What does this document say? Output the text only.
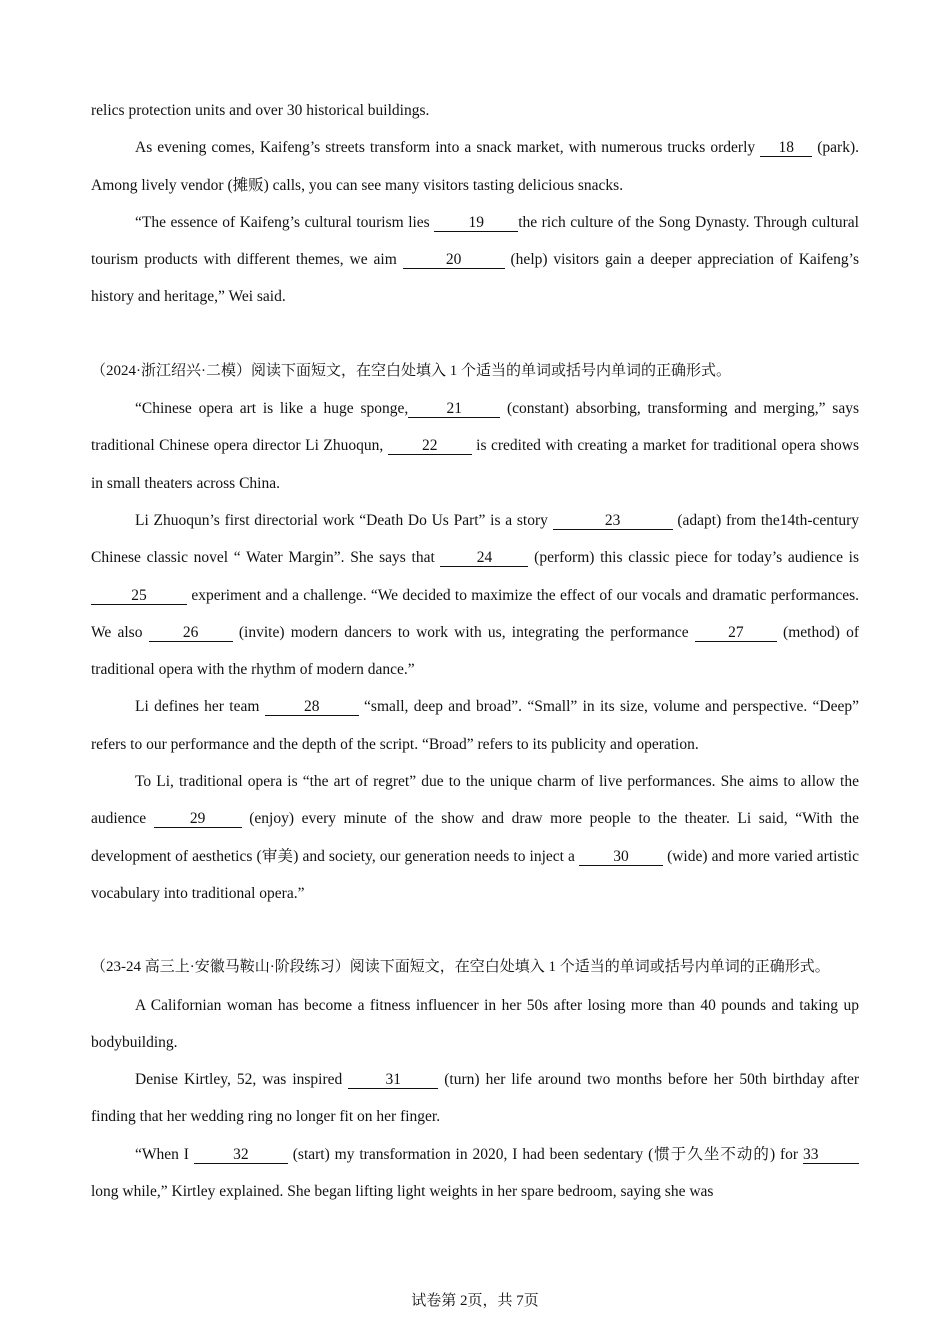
relics protection units and over 30 historical buildings.

As evening comes, Kaifeng’s streets transform into a snack market, with numerous trucks orderly 18 (park). Among lively vendor (摊贩) calls, you can see many visitors tasting delicious snacks.

“The essence of Kaifeng’s cultural tourism lies 19 the rich culture of the Song Dynasty. Through cultural tourism products with different themes, we aim	20	(help) visitors gain a deeper appreciation of Kaifeng’s history and heritage,” Wei said.

（2024·浙江绍兴·二模）阅读下面短文，在空白处填入 1 个适当的单词或括号内单词的正确形式。

“Chinese opera art is like a huge sponge, 21 (constant) absorbing, transforming and merging,” says traditional Chinese opera director Li Zhuoqun, 22 is credited with creating a market for traditional opera shows in small theaters across China.

Li Zhuoqun’s first directorial work “Death Do Us Part” is a story	23	(adapt) from the14th-century Chinese classic novel “ Water Margin”. She says that 24 (perform) this classic piece for today’s audience is 25	experiment and a challenge. “We decided to maximize the effect of our vocals and dramatic performances. We also 26 (invite) modern dancers to work with us, integrating the performance 27 (method) of traditional opera with the rhythm of modern dance.”

Li defines her team	28	“small, deep and broad”. “Small” in its size, volume and perspective. “Deep” refers to our performance and the depth of the script. “Broad” refers to its publicity and operation.

To Li, traditional opera is “the art of regret” due to the unique charm of live performances. She aims to allow the audience 29 (enjoy) every minute of the show and draw more people to the theater. Li said, “With the development of aesthetics (审美) and society, our generation needs to inject a 30 (wide) and more varied artistic vocabulary into traditional opera.”

（23-24 高三上·安徽马鞍山·阶段练习）阅读下面短文，在空白处填入 1 个适当的单词或括号内单词的正确形式。

A Californian woman has become a fitness influencer in her 50s after losing more than 40 pounds and taking up bodybuilding.

Denise Kirtley, 52, was inspired 31 (turn) her life around two months before her 50th birthday after finding that her wedding ring no longer fit on her finger.

“When I	32	(start) my transformation in 2020, I had been sedentary (惯于久坐不动的) for 33 long while,” Kirtley explained. She began lifting light weights in her spare bedroom, saying she was

试卷第 2页，共 7页
